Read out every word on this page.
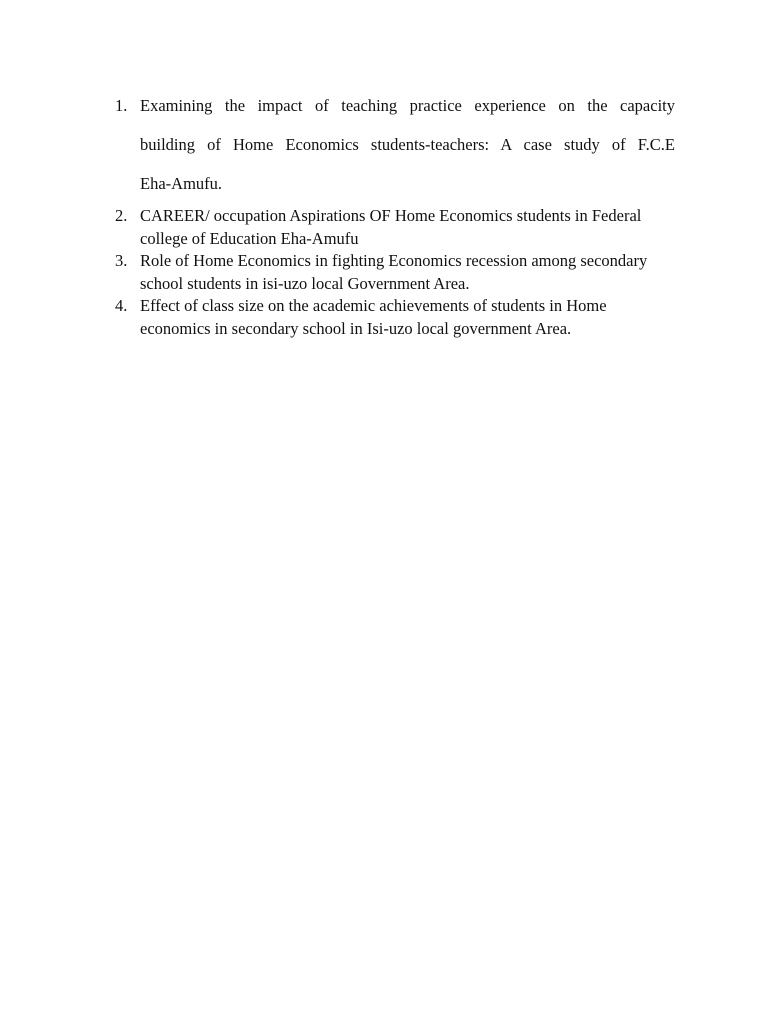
1. Examining the impact of teaching practice experience on the capacity
building of Home Economics students-teachers: A case study of F.C.E
Eha-Amufu.
2. CAREER/ occupation Aspirations OF Home Economics students in Federal college of Education Eha-Amufu
3. Role of Home Economics in fighting Economics recession among secondary school students in isi-uzo local Government Area.
4. Effect of class size on the academic achievements of students in Home economics in secondary school in Isi-uzo local government Area.
